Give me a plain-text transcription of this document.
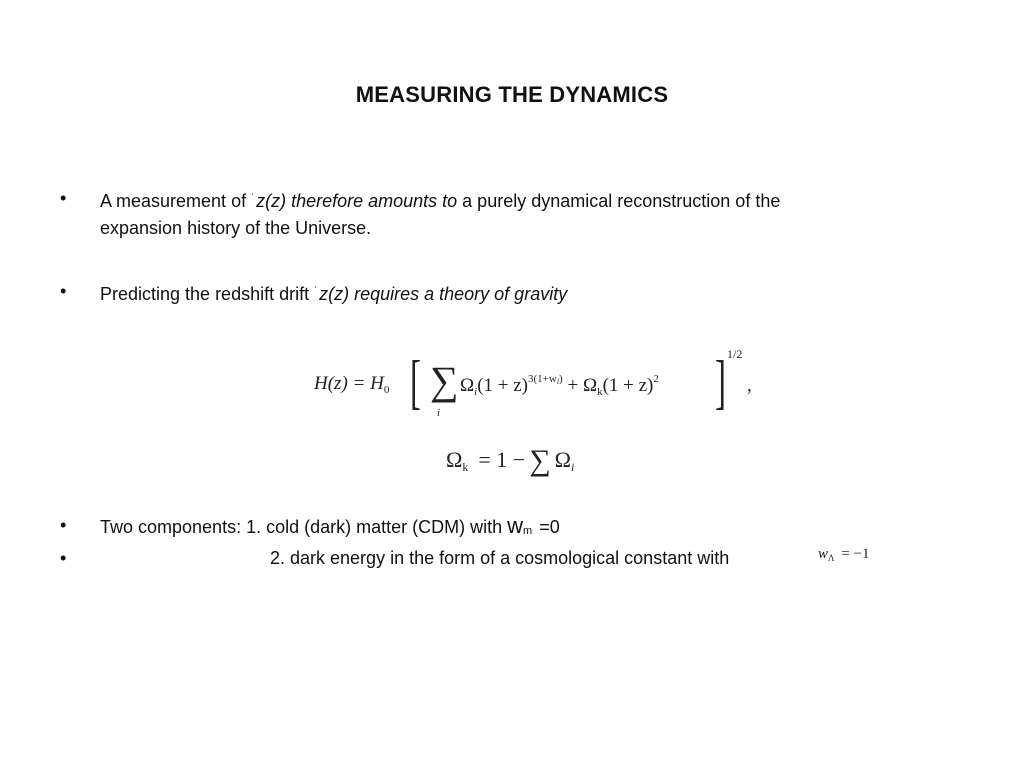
MEASURING THE DYNAMICS
•	A measurement of ˙z(z) therefore amounts to a purely dynamical reconstruction of the
expansion history of the Universe.
•	Predicting the redshift drift ˙z(z) requires a theory of gravity
$H(z) = H_0$ [ ∑
i
$\Omega_i(1 + z)^{3(1+wi)} + \Omega_k(1 + z)^2$ ] 1/2
,
$\Omega_k = 1$ − ∑ $\Omega_i$
•	Two components: 1. cold (dark) matter (CDM) with wm =0
•	2. dark energy in the form of a cosmological constant with	$w_\Lambda = -1$
